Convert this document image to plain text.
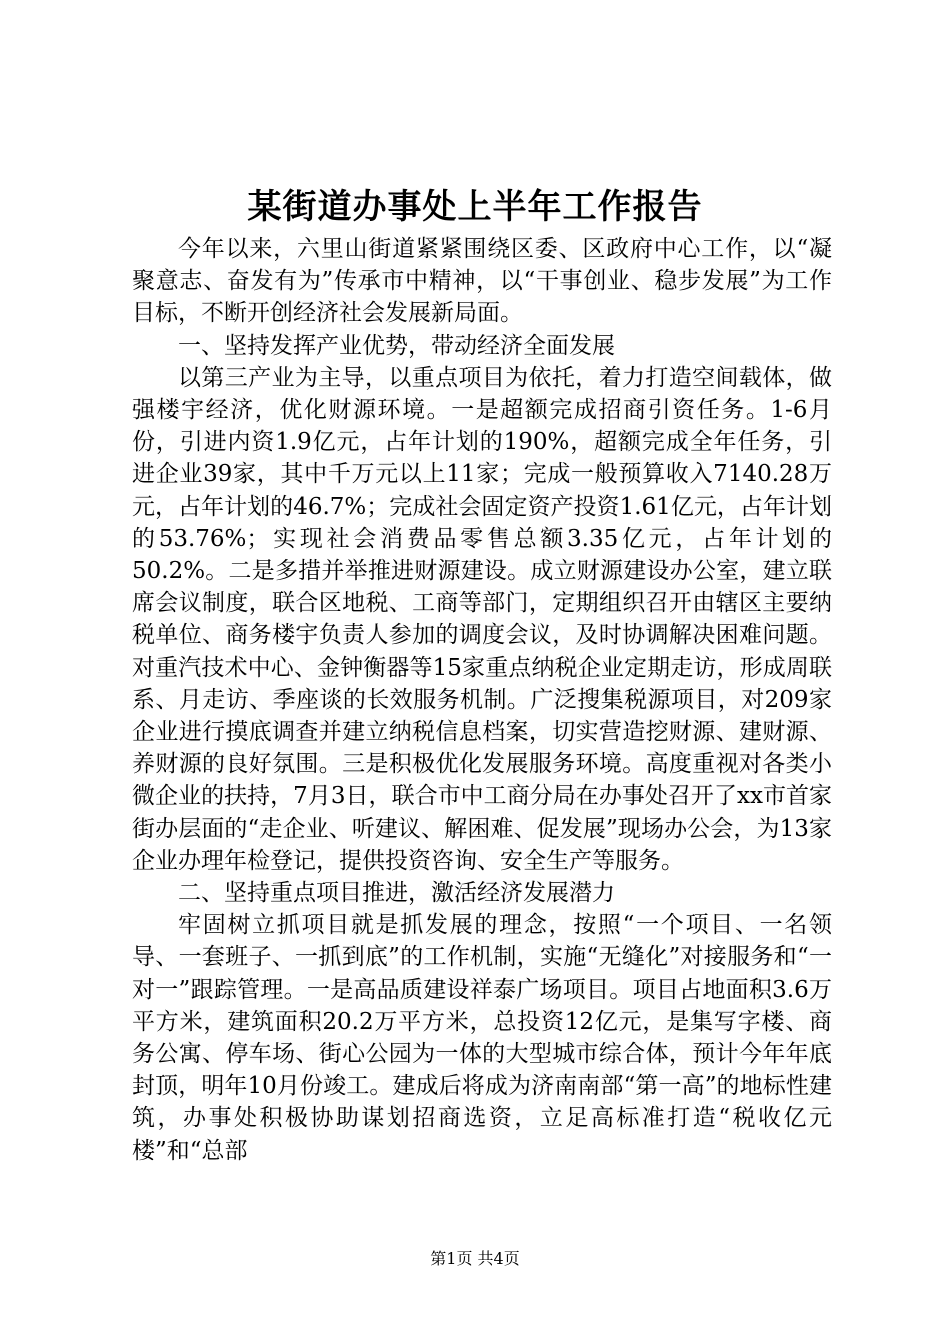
某街道办事处上半年工作报告

今年以来，六里山街道紧紧围绕区委、区政府中心工作，以“凝聚意志、奋发有为”传承市中精神，以“干事创业、稳步发展”为工作目标，不断开创经济社会发展新局面。

一、坚持发挥产业优势，带动经济全面发展

以第三产业为主导，以重点项目为依托，着力打造空间载体，做强楼宇经济，优化财源环境。一是超额完成招商引资任务。1-6月份，引进内资1.9亿元，占年计划的190%，超额完成全年任务，引进企业39家，其中千万元以上11家；完成一般预算收入7140.28万元，占年计划的46.7%；完成社会固定资产投资1.61亿元，占年计划的53.76%；实现社会消费品零售总额3.35亿元，占年计划的50.2%。二是多措并举推进财源建设。成立财源建设办公室，建立联席会议制度，联合区地税、工商等部门，定期组织召开由辖区主要纳税单位、商务楼宇负责人参加的调度会议，及时协调解决困难问题。对重汽技术中心、金钟衡器等15家重点纳税企业定期走访，形成周联系、月走访、季座谈的长效服务机制。广泛搜集税源项目，对209家企业进行摸底调查并建立纳税信息档案，切实营造挖财源、建财源、养财源的良好氛围。三是积极优化发展服务环境。高度重视对各类小微企业的扶持，7月3日，联合市中工商分局在办事处召开了xx市首家街办层面的“走企业、听建议、解困难、促发展”现场办公会，为13家企业办理年检登记，提供投资咨询、安全生产等服务。

二、坚持重点项目推进，激活经济发展潜力

牢固树立抓项目就是抓发展的理念，按照“一个项目、一名领导、一套班子、一抓到底”的工作机制，实施“无缝化”对接服务和“一对一”跟踪管理。一是高品质建设祥泰广场项目。项目占地面积3.6万平方米，建筑面积20.2万平方米，总投资12亿元，是集写字楼、商务公寓、停车场、街心公园为一体的大型城市综合体，预计今年年底封顶，明年10月份竣工。建成后将成为济南南部“第一高”的地标性建筑，办事处积极协助谋划招商选资，立足高标准打造“税收亿元楼”和“总部

第1页 共4页
